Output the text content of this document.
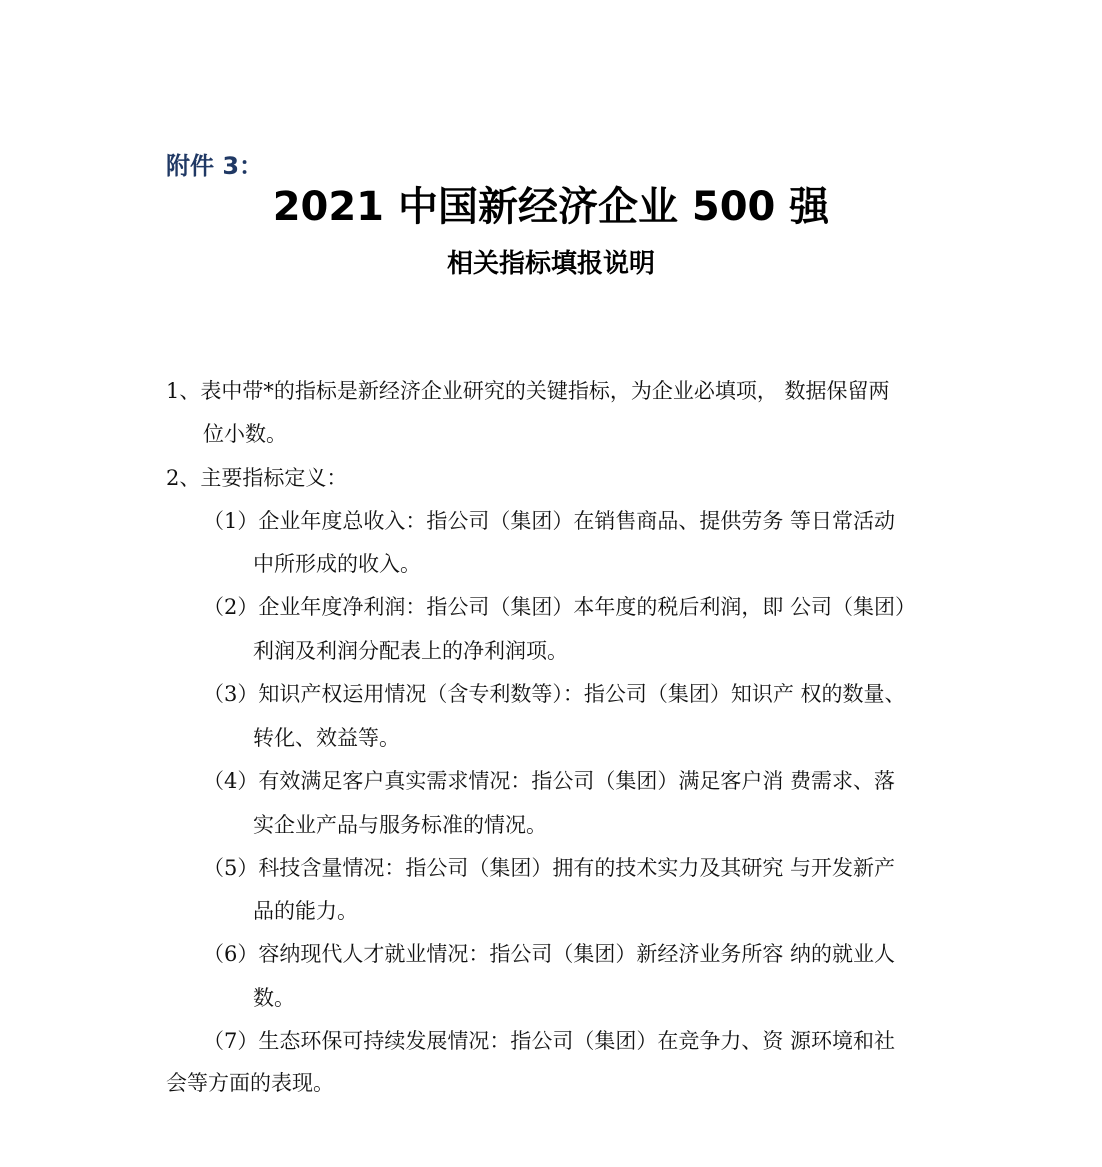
附件 3：
2021 中国新经济企业 500 强
相关指标填报说明
1、表中带*的指标是新经济企业研究的关键指标，为企业必填项， 数据保留两
位小数。
2、主要指标定义：
（1）企业年度总收入：指公司（集团）在销售商品、提供劳务 等日常活动
中所形成的收入。
（2）企业年度净利润：指公司（集团）本年度的税后利润，即 公司（集团）
利润及利润分配表上的净利润项。
（3）知识产权运用情况（含专利数等）：指公司（集团）知识产 权的数量、
转化、效益等。
（4）有效满足客户真实需求情况：指公司（集团）满足客户消 费需求、落
实企业产品与服务标准的情况。
（5）科技含量情况：指公司（集团）拥有的技术实力及其研究 与开发新产
品的能力。
（6）容纳现代人才就业情况：指公司（集团）新经济业务所容 纳的就业人
数。
（7）生态环保可持续发展情况：指公司（集团）在竞争力、资 源环境和社
会等方面的表现。
